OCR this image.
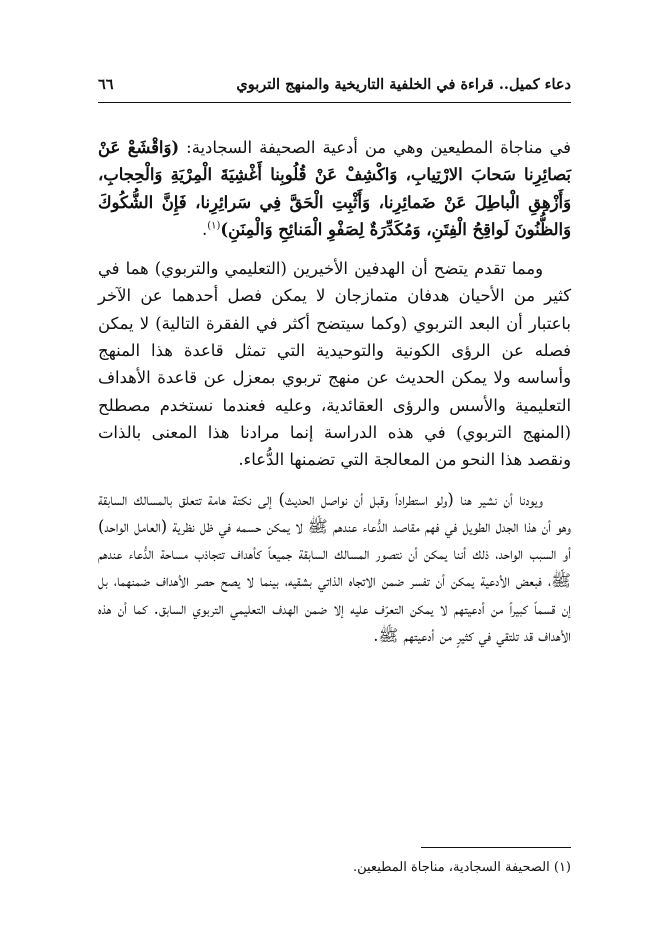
دعاء كميل.. قراءة في الخلفية التاريخية والمنهج التربوي
٦٦

في مناجاة المطيعين وهي من أدعية الصحيفة السجادية: (وَاقْشَعْ عَنْ بَصائِرِنا سَحابَ الارْتِيابِ، وَاكْشِفْ عَنْ قُلُوبِنا أَغْشِيَةَ الْمِرْيَةِ وَالْحِجابِ، وَأَزْهِقِ الْباطِلَ عَنْ ضَمائِرِنا، وَأَثْبِتِ الْحَقَّ فِي سَرائِرِنا، فَإِنَّ الشُّكُوكَ وَالظُّنُونَ لَواقِحُ الْفِتَنِ، وَمُكَدِّرَةٌ لِصَفْوِ الْمَنائِحِ وَالْمِنَنِ)$^{(١)}$.

ومما تقدم يتضح أن الهدفين الأخيرين (التعليمي والتربوي) هما في كثير من الأحيان هدفان متمازجان لا يمكن فصل أحدهما عن الآخر باعتبار أن البعد التربوي (وكما سيتضح أكثر في الفقرة التالية) لا يمكن فصله عن الرؤى الكونية والتوحيدية التي تمثل قاعدة هذا المنهج وأساسه ولا يمكن الحديث عن منهج تربوي بمعزل عن قاعدة الأهداف التعليمية والأسس والرؤى العقائدية، وعليه فعندما نستخدم مصطلح (المنهج التربوي) في هذه الدراسة إنما مرادنا هذا المعنى بالذات ونقصد هذا النحو من المعالجة التي تضمنها الدُّعاء.

ويودنا أن نشير هنا (ولو استطراداً وقبل أن نواصل الحديث) إلى نكتة هامة تتعلق بالمسالك السابقة وهو أن هذا الجدل الطويل في فهم مقاصد الدُّعاء عندهم ﷺ لا يمكن حسمه في ظل نظرية (العامل الواحد) أو السبب الواحد، ذلك أننا يمكن أن نتصور المسالك السابقة جميعاً كأهداف تتجاذب مساحة الدُّعاء عندهم ﷺ، فبعض الأدعية يمكن أن تفسر ضمن الاتجاه الذاتي بشقيه، بينما لا يصح حصر الأهداف ضمنهما، بل إن قسماً كبيراً من أدعيتهم لا يمكن التعرّف عليه إلا ضمن الهدف التعليمي التربوي السابق. كما أن هذه الأهداف قد تلتقي في كثيرٍ من أدعيتهم ﷺ.

(١) الصحيفة السجادية، مناجاة المطيعين.
